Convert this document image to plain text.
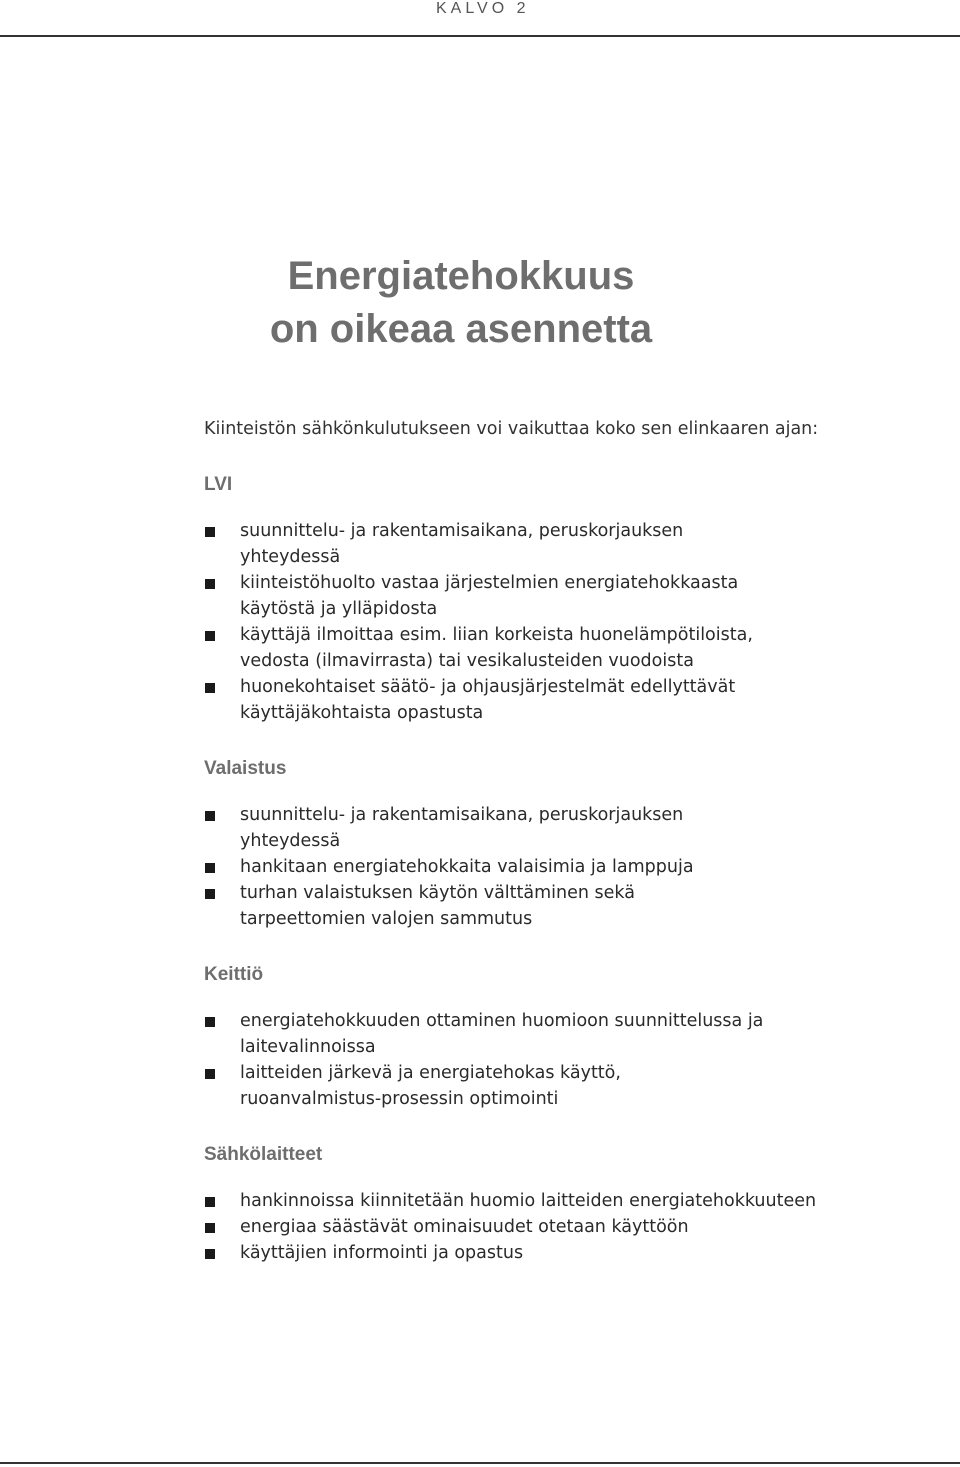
KALVO 2
Energiatehokkuus
on oikeaa asennetta

Kiinteistön sähkönkulutukseen voi vaikuttaa koko sen elinkaaren ajan:

LVI
suunnittelu- ja rakentamisaikana, peruskorjauksen yhteydessä
kiinteistöhuolto vastaa järjestelmien energiatehokkaasta käytöstä ja ylläpidosta
käyttäjä ilmoittaa esim. liian korkeista huonelämpötiloista, vedosta (ilmavirrasta) tai vesikalusteiden vuodoista
huonekohtaiset säätö- ja ohjausjärjestelmät edellyttävät käyttäjäkohtaista opastusta
Valaistus
suunnittelu- ja rakentamisaikana, peruskorjauksen yhteydessä
hankitaan energiatehokkaita valaisimia ja lamppuja
turhan valaistuksen käytön välttäminen sekä tarpeettomien valojen sammutus
Keittiö
energiatehokkuuden ottaminen huomioon suunnittelussa ja laitevalinnoissa
laitteiden järkevä ja energiatehokas käyttö, ruoanvalmistus-prosessin optimointi
Sähkölaitteet
hankinnoissa kiinnitetään huomio laitteiden energiatehokkuuteen
energiaa säästävät ominaisuudet otetaan käyttöön
käyttäjien informointi ja opastus
